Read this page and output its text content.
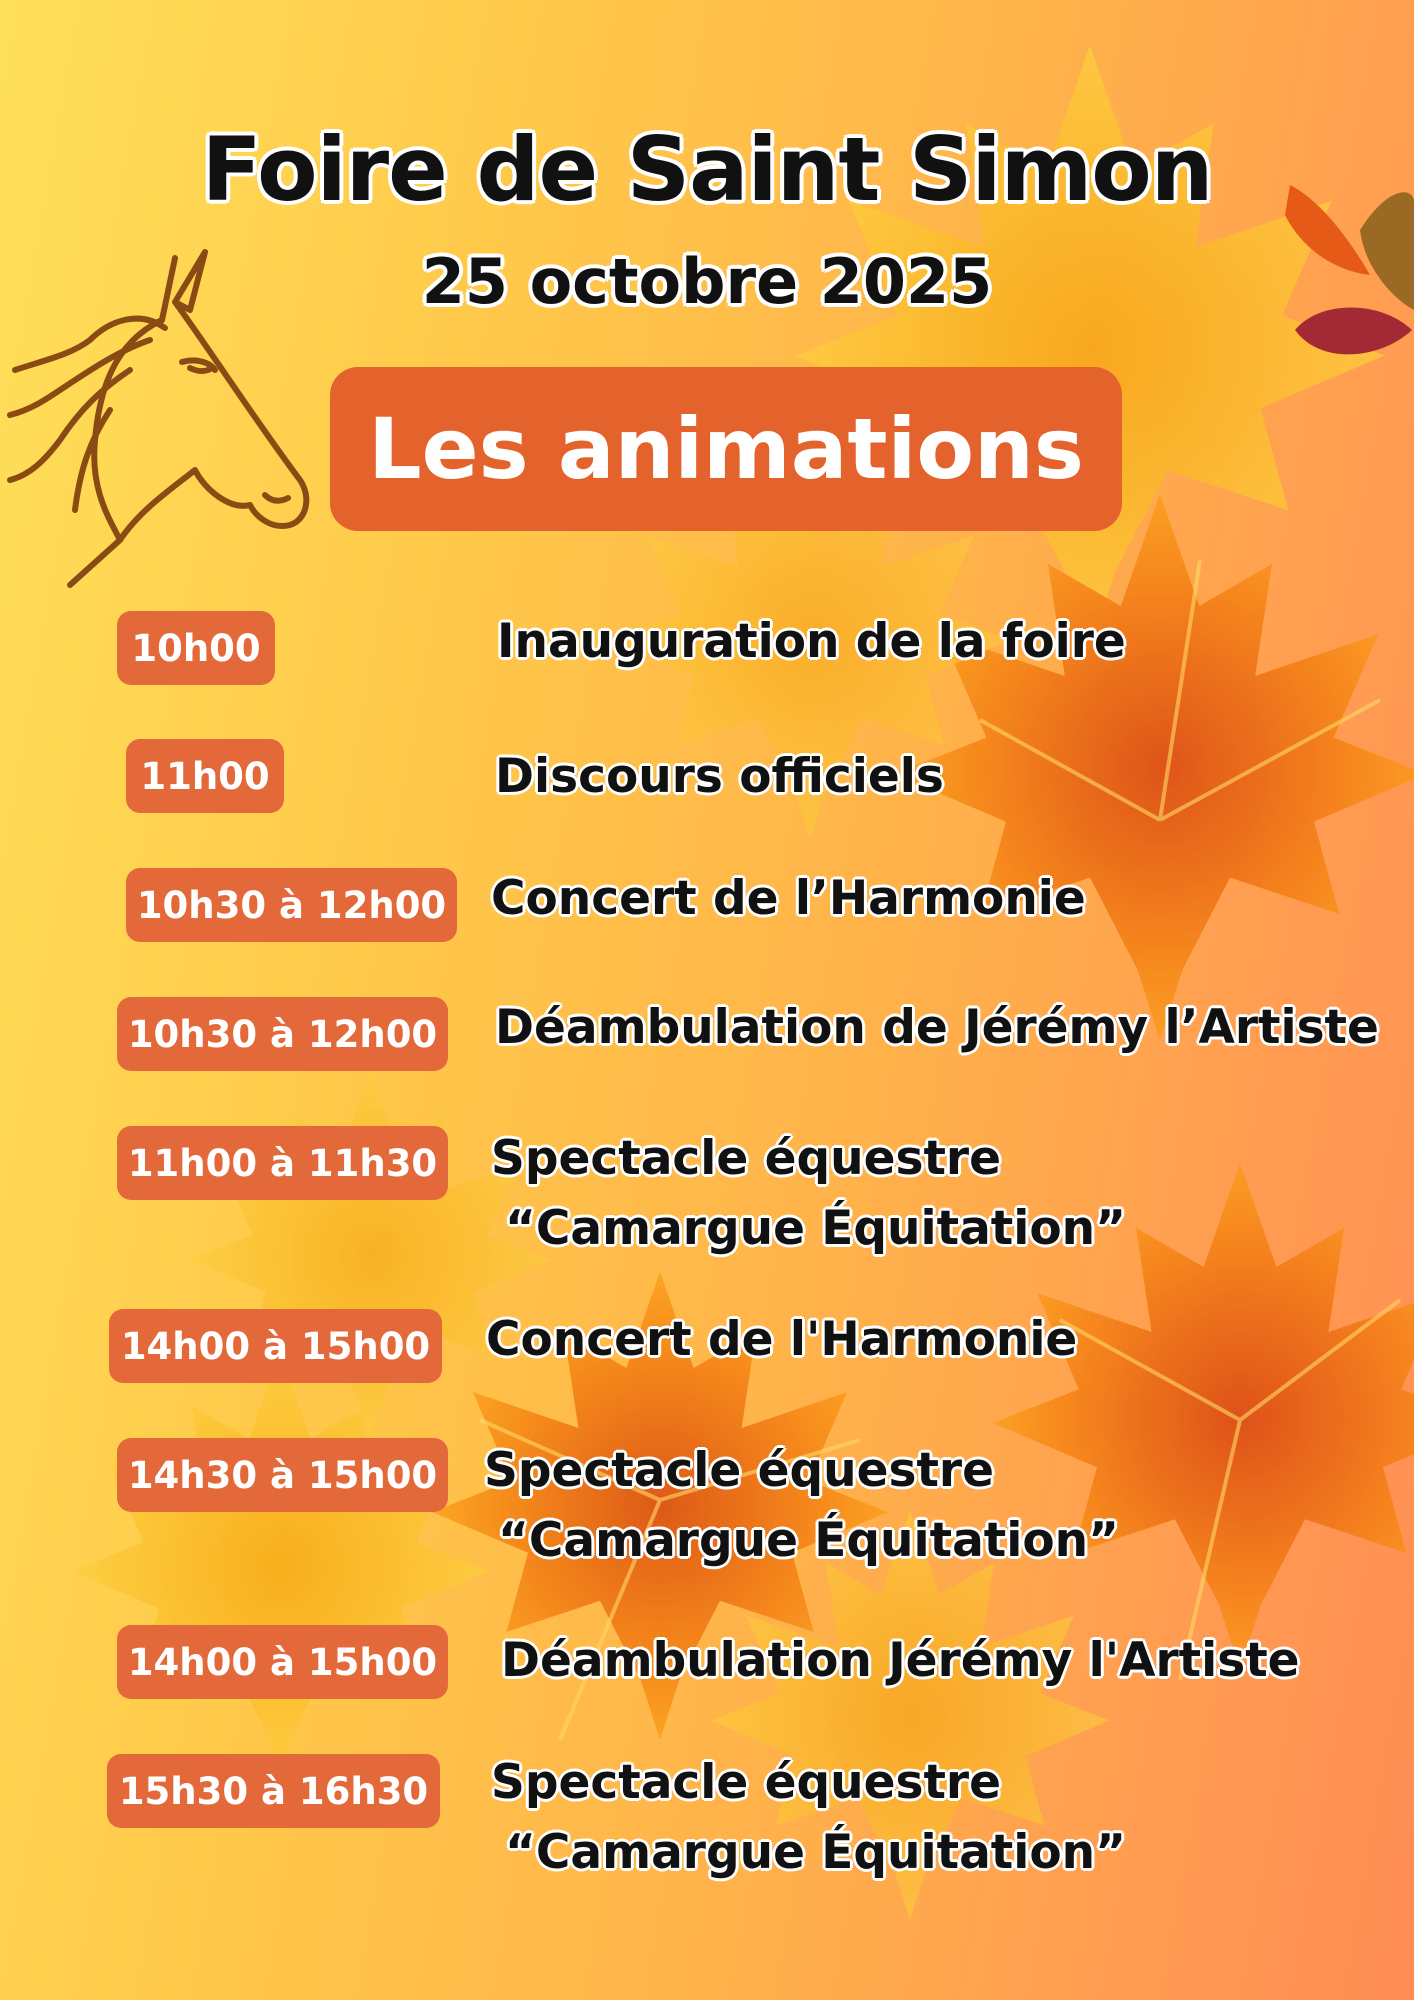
Foire de Saint Simon
25 octobre 2025
Les animations
10h00	Inauguration de la foire
11h00	Discours officiels
10h30 à 12h00 Concert de l’Harmonie
10h30 à 12h00 Déambulation de Jérémy l’Artiste
11h00 à 11h30 Spectacle équestre
“Camargue Équitation”
14h00 à 15h00 Concert de l'Harmonie
14h30 à 15h00 Spectacle équestre
“Camargue Équitation”
14h00 à 15h00 Déambulation Jérémy l'Artiste
15h30 à 16h30 Spectacle équestre
“Camargue Équitation”
